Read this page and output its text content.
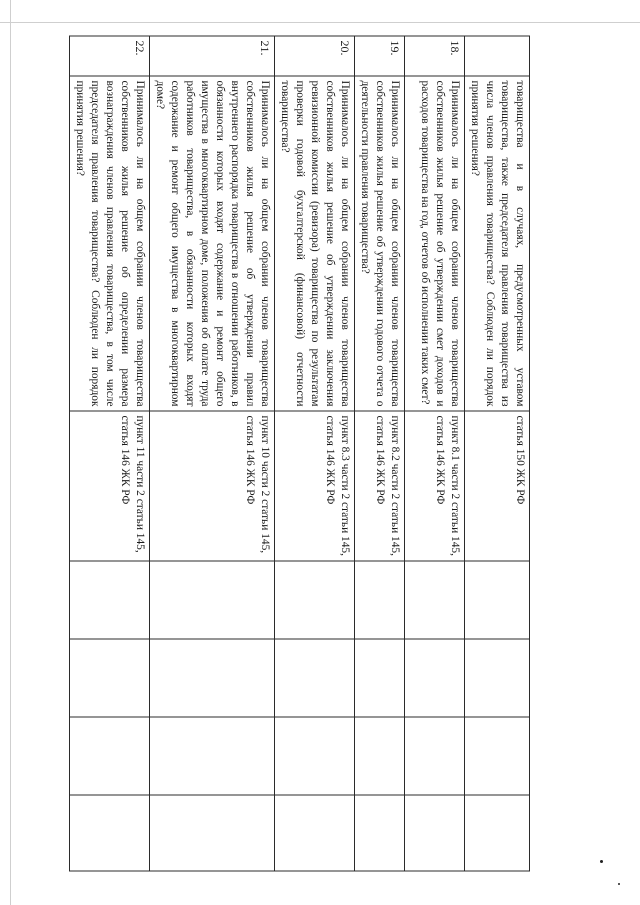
	товарищества и в случаях, предусмотренных уставом товарищества, также председателя правления товарищества из числа членов правления товарищества? Соблюден ли порядок принятия решения?	статья 150 ЖК РФ				
18.	Принималось ли на общем собрании членов товарищества собственников жилья решение об утверждении смет доходов и расходов товарищества на год, отчетов об исполнении таких смет?	пункт 8.1 части 2 статьи 145, статья 146 ЖК РФ				
19.	Принималось ли на общем собрании членов товарищества собственников жилья решение об утверждении годового отчета о деятельности правления товарищества?	пункт 8.2 части 2 статьи 145, статья 146 ЖК РФ				
20.	Принималось ли на общем собрании членов товарищества собственников жилья решение об утверждении заключения ревизионной комиссии (ревизора) товарищества по результатам проверки годовой бухгалтерской (финансовой) отчетности товарищества?	пункт 8.3 части 2 статьи 145, статья 146 ЖК РФ				
21.	Принималось ли на общем собрании членов товарищества собственников жилья решение об утверждении правил внутреннего распорядка товарищества в отношении работников, в обязанности которых входят содержание и ремонт общего имущества в многоквартирном доме, положения об оплате труда работников товарищества, в обязанности которых входят содержание и ремонт общего имущества в многоквартирном доме?	пункт 10 части 2 статьи 145, статья 146 ЖК РФ				
22.	Принималось ли на общем собрании членов товарищества собственников жилья решение об определении размера вознаграждения членов правления товарищества, в том числе председателя правления товарищества? Соблюден ли порядок принятия решения?	пункт 11 части 2 статьи 145, статья 146 ЖК РФ				
